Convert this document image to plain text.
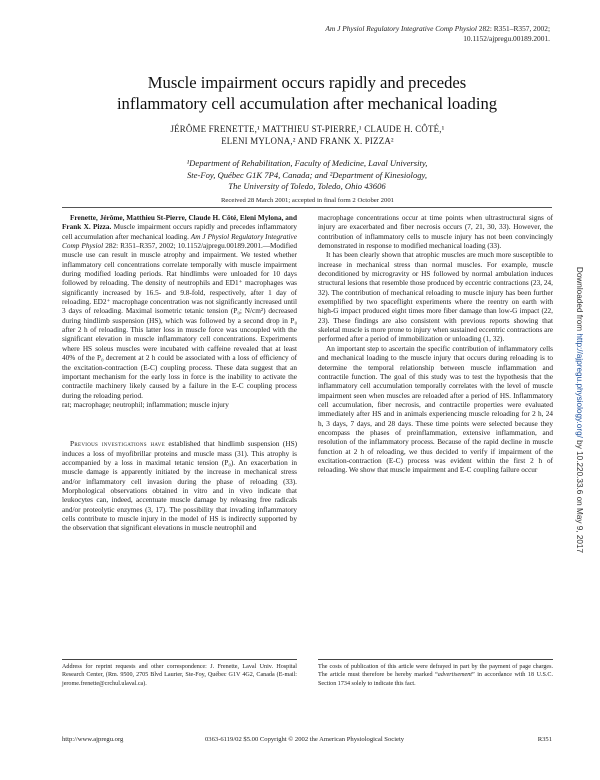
Am J Physiol Regulatory Integrative Comp Physiol 282: R351–R357, 2002;
10.1152/ajpregu.00189.2001.
Muscle impairment occurs rapidly and precedes
inflammatory cell accumulation after mechanical loading
JÉRÔME FRENETTE,¹ MATTHIEU ST-PIERRE,¹ CLAUDE H. CÔTÉ,¹
ELENI MYLONA,² AND FRANK X. PIZZA²
¹Department of Rehabilitation, Faculty of Medicine, Laval University,
Ste-Foy, Québec G1K 7P4, Canada; and ²Department of Kinesiology,
The University of Toledo, Toledo, Ohio 43606
Received 28 March 2001; accepted in final form 2 October 2001

Frenette, Jérôme, Matthieu St-Pierre, Claude H. Côté, Eleni Mylona, and Frank X. Pizza. Muscle impairment occurs rapidly and precedes inflammatory cell accumulation after mechanical loading. Am J Physiol Regulatory Integrative Comp Physiol 282: R351–R357, 2002; 10.1152/ajpregu.00189.2001.—Modified muscle use can result in muscle atrophy and impairment. We tested whether inflammatory cell concentrations correlate temporally with muscle impairment during modified loading periods. Rat hindlimbs were unloaded for 10 days followed by reloading. The density of neutrophils and ED1⁺ macrophages was significantly increased by 16.5- and 9.8-fold, respectively, after 1 day of reloading. ED2⁺ macrophage concentration was not significantly increased until 3 days of reloading. Maximal isometric tetanic tension (P₀; N/cm²) decreased during hindlimb suspension (HS), which was followed by a second drop in P₀ after 2 h of reloading. This latter loss in muscle force was uncoupled with the significant elevation in muscle inflammatory cell concentrations. Experiments where HS soleus muscles were incubated with caffeine revealed that at least 40% of the P₀ decrement at 2 h could be associated with a loss of efficiency of the excitation-contraction (E-C) coupling process. These data suggest that an important mechanism for the early loss in force is the inability to activate the contractile machinery likely caused by a failure in the E-C coupling process during the reloading period.

rat; macrophage; neutrophil; inflammation; muscle injury

Previous investigations have established that hindlimb suspension (HS) induces a loss of myofibrillar proteins and muscle mass (31). This atrophy is accompanied by a loss in maximal tetanic tension (P₀). An exacerbation in muscle damage is apparently initiated by the increase in mechanical stress and/or inflammatory cell invasion during the phase of reloading (33). Morphological observations obtained in vitro and in vivo indicate that leukocytes can, indeed, accentuate muscle damage by releasing free radicals and/or proteolytic enzymes (3, 17). The possibility that invading inflammatory cells contribute to muscle injury in the model of HS is indirectly supported by the observation that significant elevations in muscle neutrophil and

macrophage concentrations occur at time points when ultrastructural signs of injury are exacerbated and fiber necrosis occurs (7, 21, 30, 33). However, the contribution of inflammatory cells to muscle injury has not been convincingly demonstrated in response to modified mechanical loading (33).

It has been clearly shown that atrophic muscles are much more susceptible to increase in mechanical stress than normal muscles. For example, muscle deconditioned by microgravity or HS followed by normal ambulation induces structural lesions that resemble those produced by eccentric contractions (23, 24, 32). The contribution of mechanical reloading to muscle injury has been further exemplified by two spaceflight experiments where the reentry on earth with high-G impact produced eight times more fiber damage than low-G impact (22, 23). These findings are also consistent with previous reports showing that skeletal muscle is more prone to injury when sustained eccentric contractions are performed after a period of immobilization or unloading (1, 32).

An important step to ascertain the specific contribution of inflammatory cells and mechanical loading to the muscle injury that occurs during reloading is to determine the temporal relationship between muscle inflammation and contractile function. The goal of this study was to test the hypothesis that the inflammatory cell accumulation temporally correlates with the level of muscle impairment seen when muscles are reloaded after a period of HS. Inflammatory cell accumulation, fiber necrosis, and contractile properties were evaluated immediately after HS and in animals experiencing muscle reloading for 2 h, 24 h, 3 days, 7 days, and 28 days. These time points were selected because they encompass the phases of preinflammation, extensive inflammation, and resolution of the inflammatory process. Because of the rapid decline in muscle function at 2 h of reloading, we thus decided to verify if impairment of the excitation-contraction (E-C) process was evident within the first 2 h of reloading. We show that muscle impairment and E-C coupling failure occur

Address for reprint requests and other correspondence: J. Frenette, Laval Univ. Hospital Research Center, (Rm. 9500, 2705 Blvd Laurier, Ste-Foy, Québec G1V 4G2, Canada (E-mail: jerome.frenette@crchul.ulaval.ca).
The costs of publication of this article were defrayed in part by the payment of page charges. The article must therefore be hereby marked “advertisement” in accordance with 18 U.S.C. Section 1734 solely to indicate this fact.
http://www.ajpregu.org	0363-6119/02 $5.00 Copyright © 2002 the American Physiological Society	R351
Downloaded from http://ajpregu.physiology.org/ by 10.220.33.6 on May 9, 2017
